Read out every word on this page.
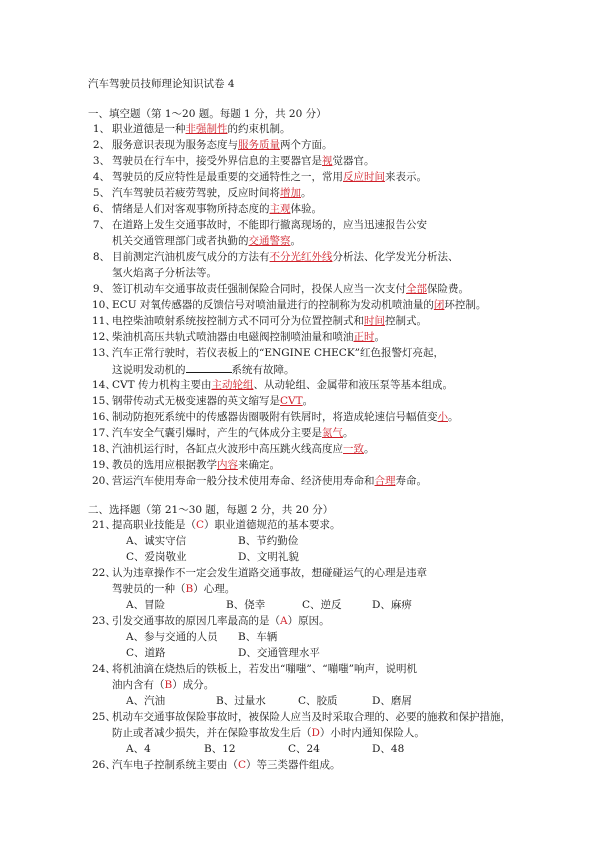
汽车驾驶员技师理论知识试卷 4
一、填空题（第 1～20 题。每题 1 分，共 20 分）
1、 职业道德是一种非强制性的约束机制。
2、 服务意识表现为服务态度与服务质量两个方面。
3、 驾驶员在行车中，接受外界信息的主要器官是视觉器官。
4、 驾驶员的反应特性是最重要的交通特性之一，常用反应时间来表示。
5、 汽车驾驶员若疲劳驾驶，反应时间将增加。
6、 情绪是人们对客观事物所持态度的主观体验。
7、 在道路上发生交通事故时，不能即行撤离现场的，应当迅速报告公安
机关交通管理部门或者执勤的交通警察。
8、 目前测定汽油机废气成分的方法有不分光红外线分析法、化学发光分析法、
氢火焰离子分析法等。
9、 签订机动车交通事故责任强制保险合同时，投保人应当一次支付全部保险费。
10、ECU 对氧传感器的反馈信号对喷油量进行的控制称为发动机喷油量的闭环控制。
11、电控柴油喷射系统按控制方式不同可分为位置控制式和时间控制式。
12、柴油机高压共轨式喷油器由电磁阀控制喷油量和喷油正时。
13、汽车正常行驶时，若仪表板上的“ENGINE CHECK”红色报警灯亮起，
这说明发动机的	系统有故障。
14、CVT 传力机构主要由主动轮组、从动轮组、金属带和液压泵等基本组成。
15、钢带传动式无极变速器的英文缩写是CVT。
16、制动防抱死系统中的传感器齿圈吸附有铁屑时，将造成轮速信号幅值变小。
17、汽车安全气囊引爆时，产生的气体成分主要是氮气。
18、汽油机运行时，各缸点火波形中高压跳火线高度应一致。
19、教员的选用应根据教学内容来确定。
20、营运汽车使用寿命一般分技术使用寿命、经济使用寿命和合理寿命。
二、选择题（第 21～30 题，每题 2 分，共 20 分）
21、提高职业技能是（C）职业道德规范的基本要求。
A、诚实守信	B、节约勤俭
C、爱岗敬业	D、文明礼貌
22、认为违章操作不一定会发生道路交通事故，想碰碰运气的心理是违章
驾驶员的一种（B）心理。
A、冒险	B、侥幸	C、逆反	D、麻痹
23、引发交通事故的原因几率最高的是（A）原因。
A、参与交通的人员 B、车辆
C、道路	D、交通管理水平
24、将机油滴在烧热后的铁板上，若发出“嘣嗤”、“嘣嗤”响声，说明机
油内含有（B）成分。
A、汽油	B、过量水	C、胶质	D、磨屑
25、机动车交通事故保险事故时，被保险人应当及时采取合理的、必要的施救和保护措施，
防止或者减少损失，并在保险事故发生后（D）小时内通知保险人。
A、4	B、12	C、24	D、48
26、汽车电子控制系统主要由（C）等三类器件组成。
